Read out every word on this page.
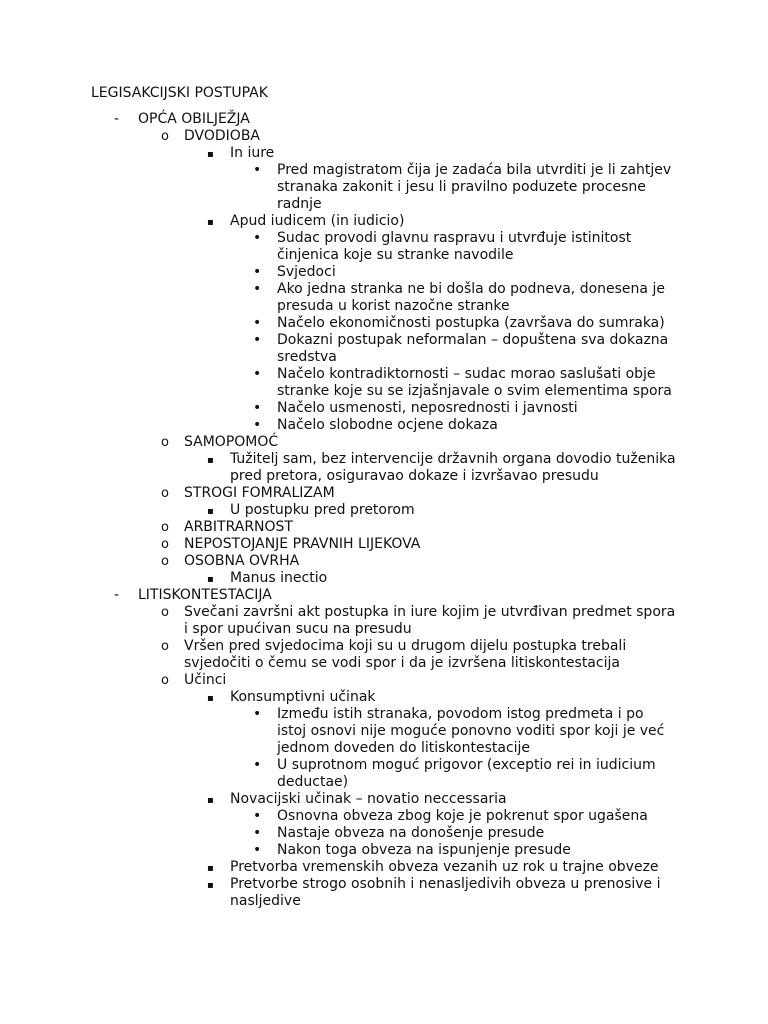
LEGISAKCIJSKI POSTUPAK
- OPĆA OBILJEŽJA
o DVODIOBA
▪ In iure
• Pred magistratom čija je zadaća bila utvrditi je li zahtjev stranaka zakonit i jesu li pravilno poduzete procesne radnje
▪ Apud iudicem (in iudicio)
• Sudac provodi glavnu raspravu i utvrđuje istinitost činjenica koje su stranke navodile
• Svjedoci
• Ako jedna stranka ne bi došla do podneva, donesena je presuda u korist nazočne stranke
• Načelo ekonomičnosti postupka (završava do sumraka)
• Dokazni postupak neformalan – dopuštena sva dokazna sredstva
• Načelo kontradiktornosti – sudac morao saslušati obje stranke koje su se izjašnjavale o svim elementima spora
• Načelo usmenosti, neposrednosti i javnosti
• Načelo slobodne ocjene dokaza
o SAMOPOMOĆ
▪ Tužitelj sam, bez intervencije državnih organa dovodio tuženika pred pretora, osiguravao dokaze i izvršavao presudu
o STROGI FOMRALIZAM
▪ U postupku pred pretorom
o ARBITRARNOST
o NEPOSTOJANJE PRAVNIH LIJEKOVA
o OSOBNA OVRHA
▪ Manus inectio
- LITISKONTESTACIJA
o Svečani završni akt postupka in iure kojim je utvrđivan predmet spora i spor upućivan sucu na presudu
o Vršen pred svjedocima koji su u drugom dijelu postupka trebali svjedočiti o čemu se vodi spor i da je izvršena litiskontestacija
o Učinci
▪ Konsumptivni učinak
• Između istih stranaka, povodom istog predmeta i po istoj osnovi nije moguće ponovno voditi spor koji je već jednom doveden do litiskontestacije
• U suprotnom moguć prigovor (exceptio rei in iudicium deductae)
▪ Novacijski učinak – novatio neccessaria
• Osnovna obveza zbog koje je pokrenut spor ugašena
• Nastaje obveza na donošenje presude
• Nakon toga obveza na ispunjenje presude
▪ Pretvorba vremenskih obveza vezanih uz rok u trajne obveze
▪ Pretvorbe strogo osobnih i nenasljedivih obveza u prenosive i nasljedive
